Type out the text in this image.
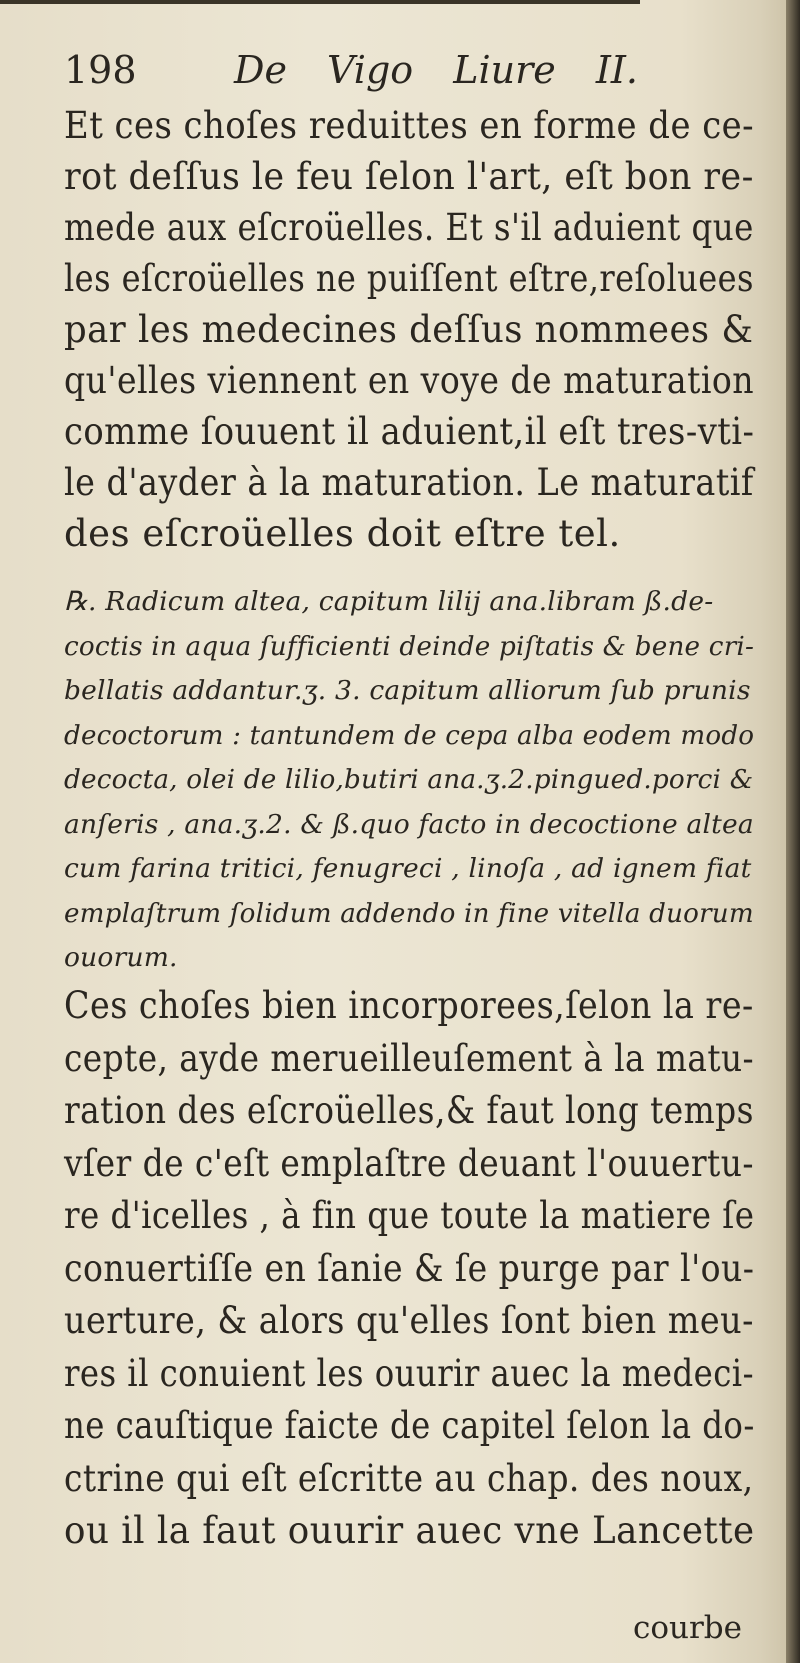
198	De Vigo Liure II.
Et ces choſes reduittes en forme de ce-
rot deſſus le feu ſelon l'art, eſt bon re-
mede aux eſcroüelles. Et s'il aduient que
les eſcroüelles ne puiſſent eſtre,reſoluees
par les medecines deſſus nommees &
qu'elles viennent en voye de maturation
comme ſouuent il aduient,il eſt tres-vti-
le d'ayder à la maturation. Le maturatif
des eſcroüelles doit eſtre tel.
℞. Radicum altea, capitum lilij ana.libram ß.de-
coctis in aqua ſufficienti deinde piſtatis & bene cri-
bellatis addantur.ʒ. 3. capitum alliorum ſub prunis
decoctorum : tantundem de cepa alba eodem modo
decocta, olei de lilio,butiri ana.ʒ.2.pingued.porci &
anſeris , ana.ʒ.2. & ß.quo facto in decoctione altea
cum farina tritici, fenugreci , linoſa , ad ignem fiat
emplaſtrum ſolidum addendo in fine vitella duorum
ouorum.
Ces choſes bien incorporees,ſelon la re-
cepte, ayde merueilleuſement à la matu-
ration des eſcroüelles,& faut long temps
vſer de c'eſt emplaſtre deuant l'ouuertu-
re d'icelles , à fin que toute la matiere ſe
conuertiſſe en ſanie & ſe purge par l'ou-
uerture, & alors qu'elles ſont bien meu-
res il conuient les ouurir auec la medeci-
ne cauſtique faicte de capitel ſelon la do-
ctrine qui eſt eſcritte au chap. des noux,
ou il la faut ouurir auec vne Lancette
courbe
